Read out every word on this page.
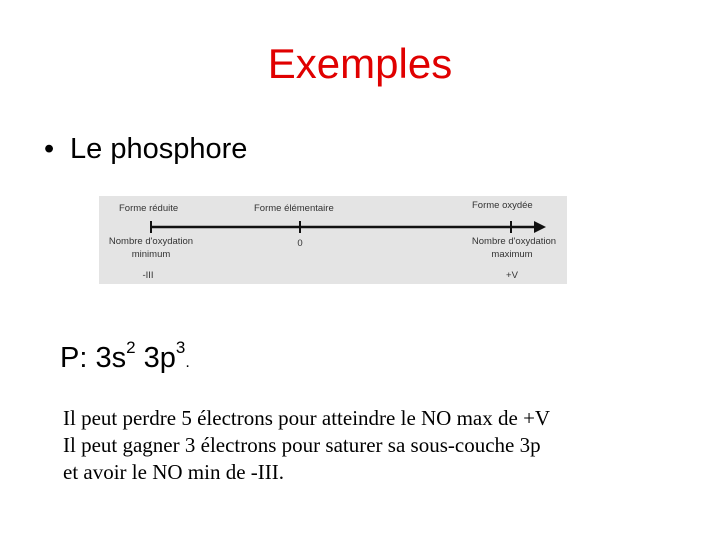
Exemples
• Le phosphore
Forme réduite	Forme élémentaire	Forme oxydée
Nombre d'oxydation
minimum
0	Nombre d'oxydation
maximum
-III	+V
P: $3s^2$ $3p^3$.
Il peut perdre 5 électrons pour atteindre le NO max de +V
Il peut gagner 3 électrons pour saturer sa sous-couche 3p
et avoir le NO min de -III.
